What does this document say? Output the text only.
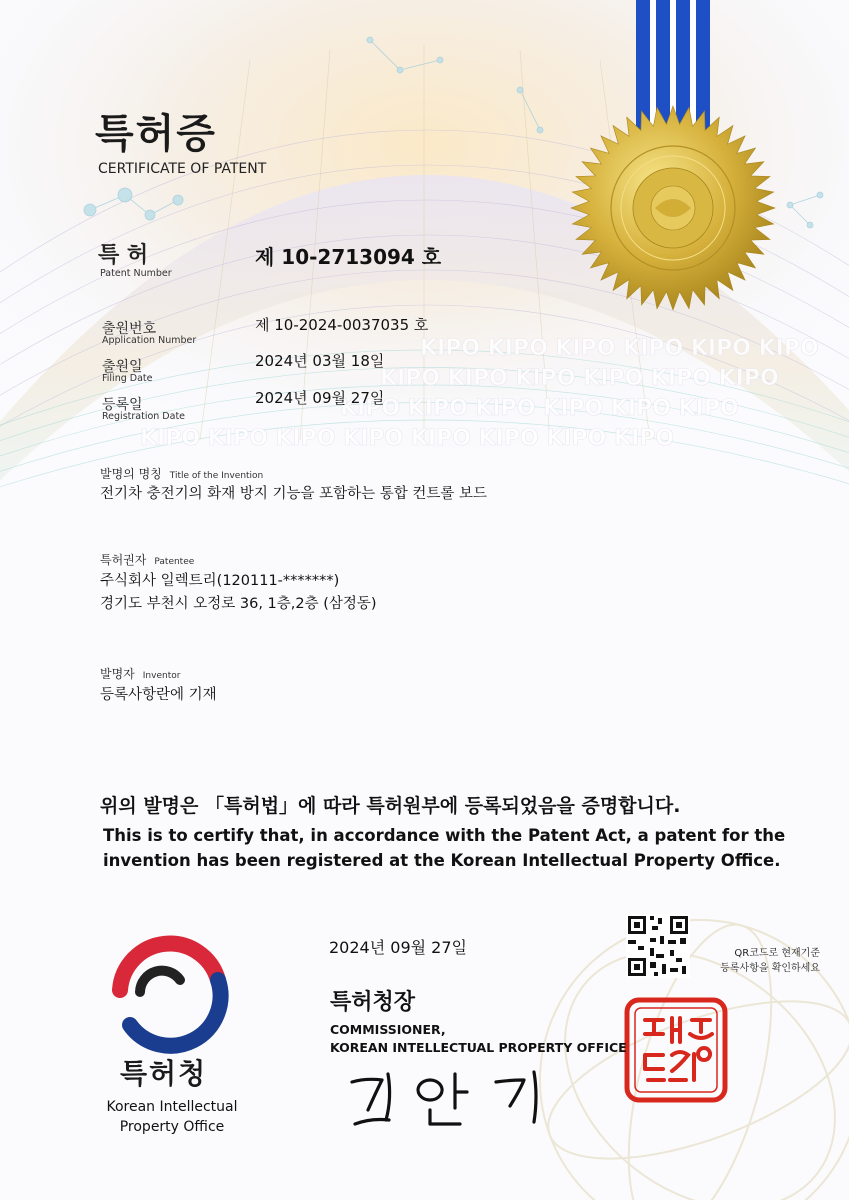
KIPO KIPO KIPO KIPO KIPO KIPO
KIPO KIPO KIPO KIPO KIPO KIPO
KIPO KIPO KIPO KIPO KIPO KIPO
KIPO KIPO KIPO KIPO KIPO KIPO KIPO KIPO
특허증
CERTIFICATE OF PATENT
특 허
Patent Number
제 10-2713094 호
출원번호
Application Number
제 10-2024-0037035 호
출원일
Filing Date
2024년 03월 18일
등록일
Registration Date
2024년 09월 27일
발명의 명칭 Title of the Invention
전기차 충전기의 화재 방지 기능을 포함하는 통합 컨트롤 보드
특허권자 Patentee
주식회사 일렉트리(120111-*******)
경기도 부천시 오정로 36, 1층,2층 (삼정동)
발명자 Inventor
등록사항란에 기재
위의 발명은 「특허법」에 따라 특허원부에 등록되었음을 증명합니다.
This is to certify that, in accordance with the Patent Act, a patent for the
invention has been registered at the Korean Intellectual Property Office.
2024년 09월 27일	QR코드로 현재기준
등록사항을 확인하세요
특허청장
COMMISSIONER,
KOREAN INTELLECTUAL PROPERTY OFFICE
특허청
Korean Intellectual
Property Office
